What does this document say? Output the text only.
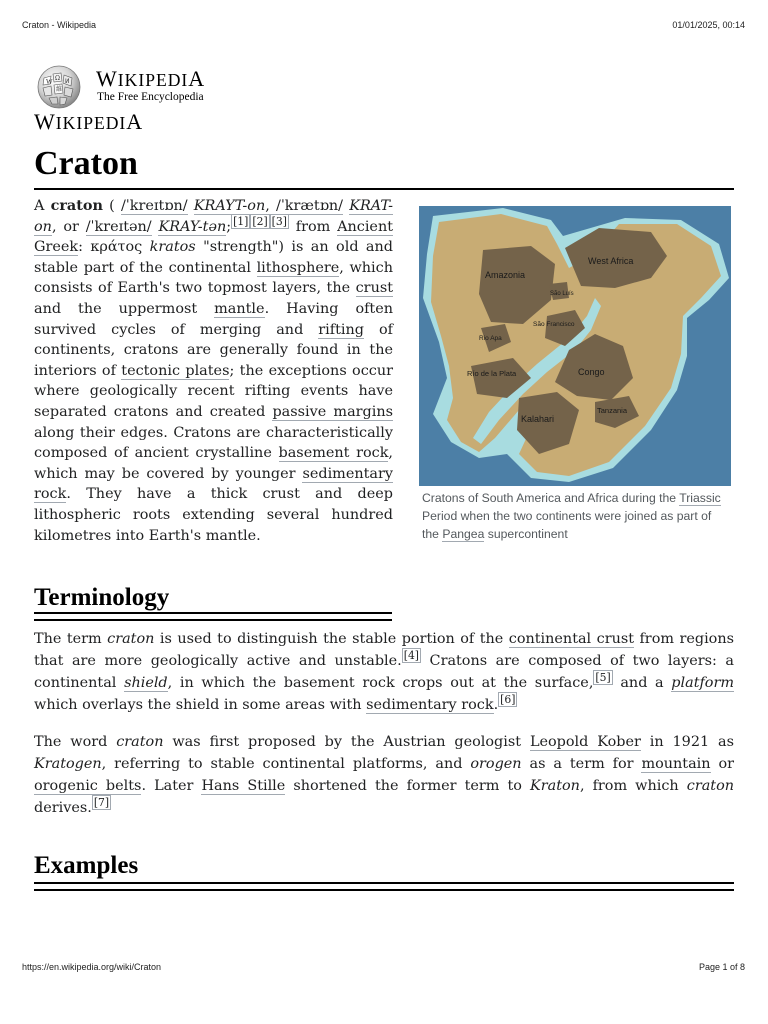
Craton - Wikipedia	01/01/2025, 00:14
https://en.wikipedia.org/wiki/Craton	Page 1 of 8
W Ω И
維 WIKIPEDIA
The Free Encyclopedia
WIKIPEDIA
Craton

A craton ( /ˈkreɪtɒn/ KRAYT-on, /ˈkrætɒn/ KRAT-on, or /ˈkreɪtən/ KRAY-tən; [1] [2] [3] from Ancient Greek: κράτος kratos "strength") is an old and stable part of the continental lithosphere, which consists of Earth's two topmost layers, the crust and the uppermost mantle. Having often survived cycles of merging and rifting of continents, cratons are generally found in the interiors of tectonic plates; the exceptions occur where geologically recent rifting events have separated cratons and created passive margins along their edges. Cratons are characteristically composed of ancient crystalline basement rock, which may be covered by younger sedimentary rock. They have a thick crust and deep lithospheric roots extending several hundred kilometres into Earth's mantle.

Amazonia
West Africa
São Luís
São Francisco
Rio Apa
Río de la Plata	Congo
Kalahari
Tanzania

Cratons of South America and Africa during the Triassic Period when the two continents were joined as part of the Pangea supercontinent

Terminology

The term craton is used to distinguish the stable portion of the continental crust from regions that are more geologically active and unstable. [4] Cratons are composed of two layers: a continental shield, in which the basement rock crops out at the surface, [5] and a platform which overlays the shield in some areas with sedimentary rock. [6]

The word craton was first proposed by the Austrian geologist Leopold Kober in 1921 as Kratogen, referring to stable continental platforms, and orogen as a term for mountain or orogenic belts. Later Hans Stille shortened the former term to Kraton, from which craton derives. [7]

Examples
